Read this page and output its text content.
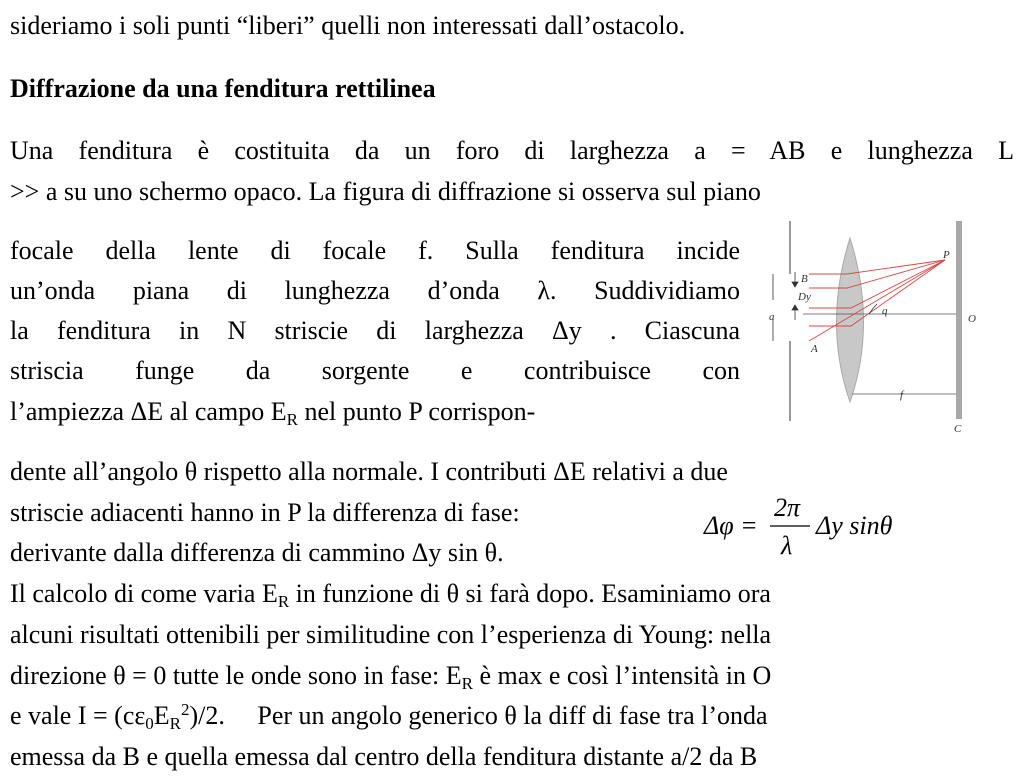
sideriamo i soli punti “liberi” quelli non interessati dall’ostacolo.
Diffrazione da una fenditura rettilinea
Una fenditura è costituita da un foro di larghezza a = AB e lunghezza L
>> a su uno schermo opaco. La figura di diffrazione si osserva sul piano
focale della lente di focale f. Sulla fenditura incide
un’onda piana di lunghezza d’onda λ. Suddividiamo
la fenditura in N striscie di larghezza Δy . Ciascuna
striscia funge da sorgente e contribuisce con
l’ampiezza ΔE al campo $E_R$ nel punto P corrispon-
B
Dy
a
A
P
O
q
f
C
dente all’angolo θ rispetto alla normale. I contributi ΔE relativi a due
striscie adiacenti hanno in P la differenza di fase:
derivante dalla differenza di cammino Δy sin θ.
Δφ =
2π
λ
Δy sinθ
Il calcolo di come varia $E_R$ in funzione di θ si farà dopo. Esaminiamo ora
alcuni risultati ottenibili per similitudine con l’esperienza di Young: nella
direzione θ = 0 tutte le onde sono in fase: $E_R$ è max e così l’intensità in O
e vale $I = (c\varepsilon_0E_R^2)/2$.     Per un angolo generico θ la diff di fase tra l’onda
emessa da B e quella emessa dal centro della fenditura distante a/2 da B
